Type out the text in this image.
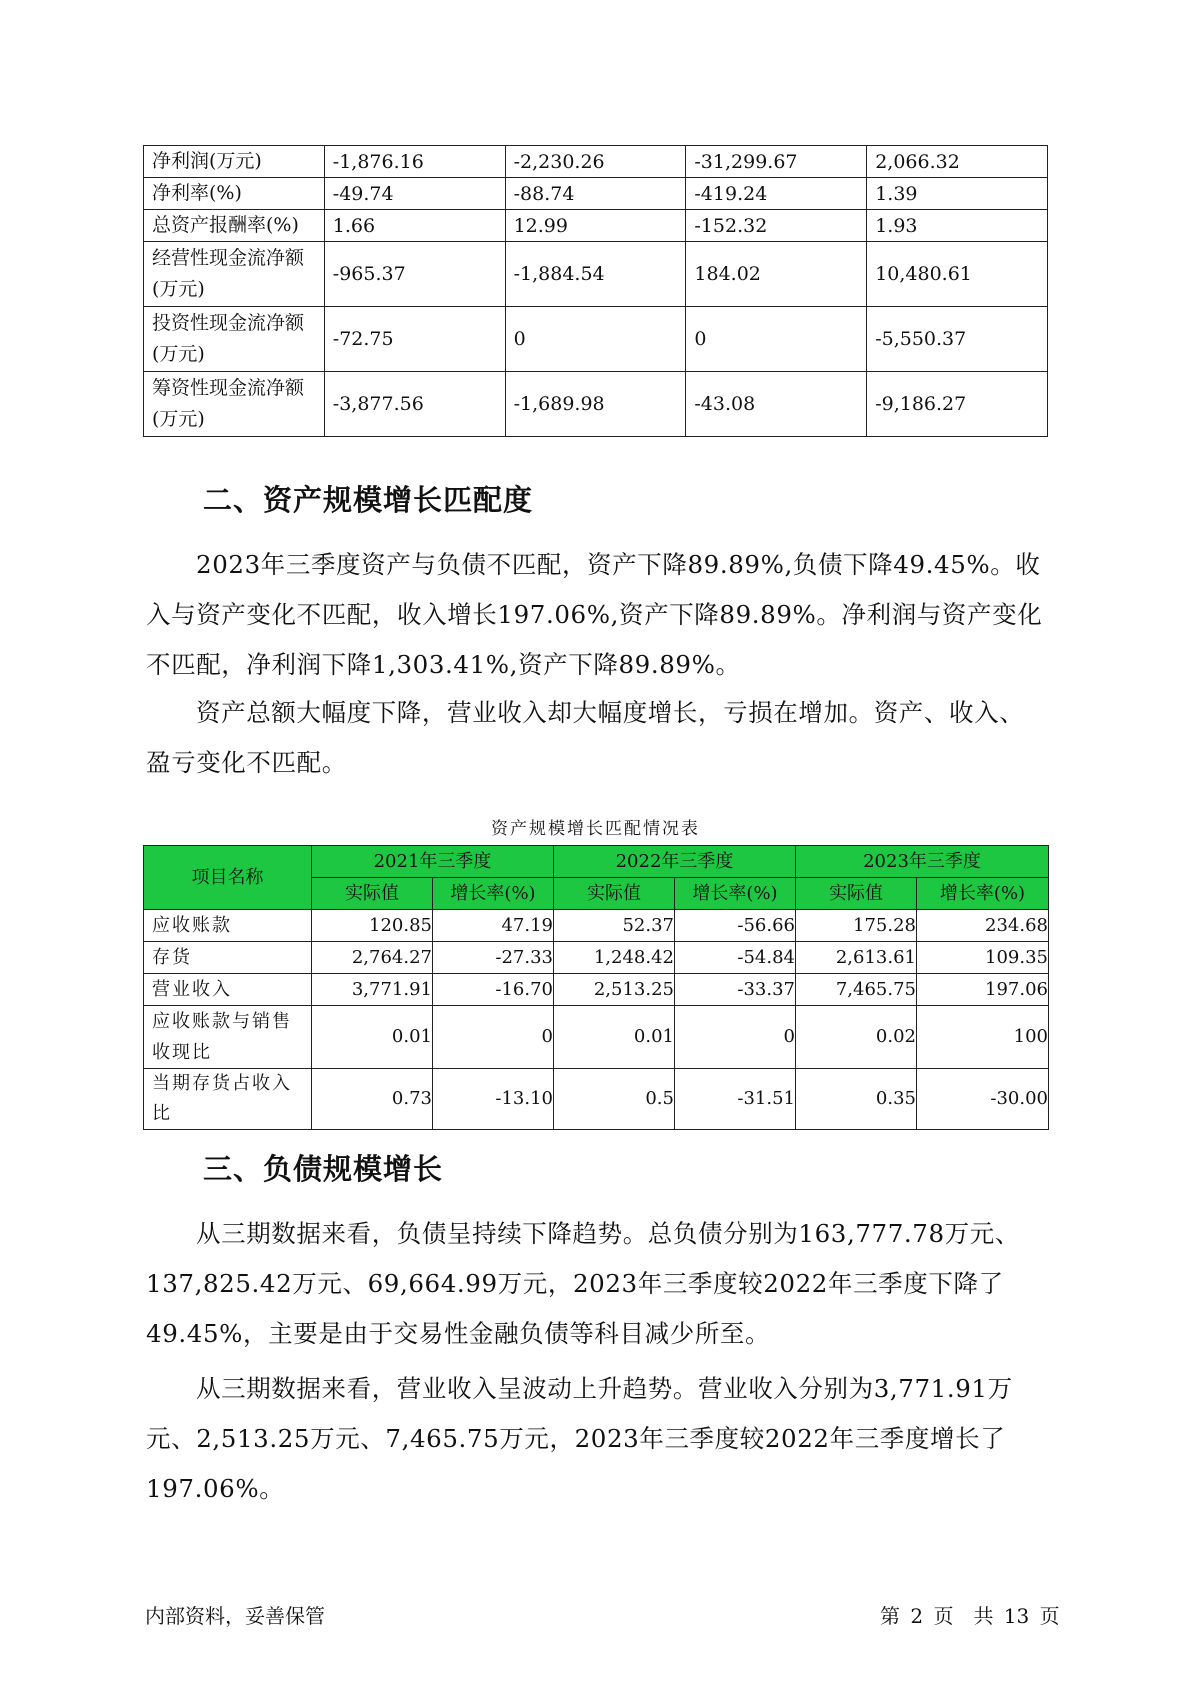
净利润(万元)	-1,876.16	-2,230.26	-31,299.67	2,066.32
净利率(%)	-49.74	-88.74	-419.24	1.39
总资产报酬率(%)	1.66	12.99	-152.32	1.93
经营性现金流净额(万元)	-965.37	-1,884.54	184.02	10,480.61
投资性现金流净额(万元)	-72.75	0	0	-5,550.37
筹资性现金流净额(万元)	-3,877.56	-1,689.98	-43.08	-9,186.27
二、资产规模增长匹配度

2023年三季度资产与负债不匹配，资产下降89.89%,负债下降49.45%。收入与资产变化不匹配，收入增长197.06%,资产下降89.89%。净利润与资产变化不匹配，净利润下降1,303.41%,资产下降89.89%。

资产总额大幅度下降，营业收入却大幅度增长，亏损在增加。资产、收入、盈亏变化不匹配。

资产规模增长匹配情况表
项目名称	2021年三季度		2022年三季度		2023年三季度	
	实际值	增长率(%)	实际值	增长率(%)	实际值	增长率(%)
应收账款	120.85	47.19	52.37	-56.66	175.28	234.68
存货	2,764.27	-27.33	1,248.42	-54.84	2,613.61	109.35
营业收入	3,771.91	-16.70	2,513.25	-33.37	7,465.75	197.06
应收账款与销售收现比	0.01	0	0.01	0	0.02	100
当期存货占收入比	0.73	-13.10	0.5	-31.51	0.35	-30.00
三、负债规模增长

从三期数据来看，负债呈持续下降趋势。总负债分别为163,777.78万元、137,825.42万元、69,664.99万元，2023年三季度较2022年三季度下降了49.45%，主要是由于交易性金融负债等科目减少所至。

从三期数据来看，营业收入呈波动上升趋势。营业收入分别为3,771.91万元、2,513.25万元、7,465.75万元，2023年三季度较2022年三季度增长了197.06%。

内部资料，妥善保管	第 2 页　共 13 页
